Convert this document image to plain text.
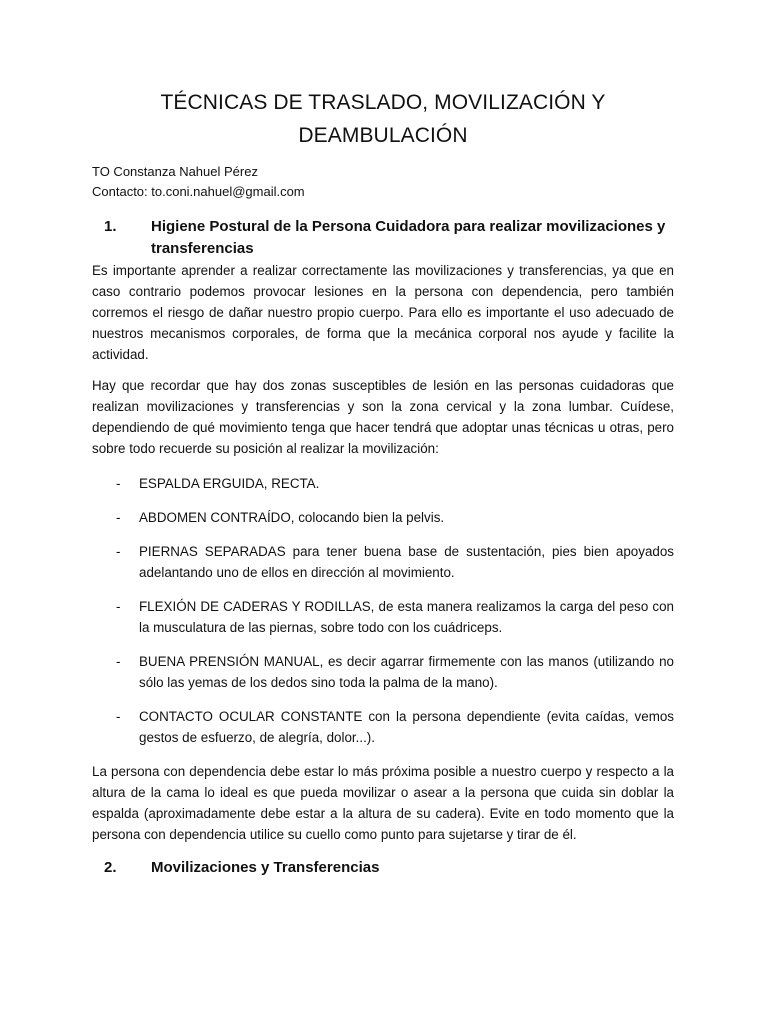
TÉCNICAS DE TRASLADO, MOVILIZACIÓN Y
DEAMBULACIÓN

TO Constanza Nahuel Pérez

Contacto: to.coni.nahuel@gmail.com

1.	Higiene Postural de la Persona Cuidadora para realizar movilizaciones y transferencias

Es importante aprender a realizar correctamente las movilizaciones y transferencias, ya que en caso contrario podemos provocar lesiones en la persona con dependencia, pero también corremos el riesgo de dañar nuestro propio cuerpo. Para ello es importante el uso adecuado de nuestros mecanismos corporales, de forma que la mecánica corporal nos ayude y facilite la actividad.

Hay que recordar que hay dos zonas susceptibles de lesión en las personas cuidadoras que realizan movilizaciones y transferencias y son la zona cervical y la zona lumbar. Cuídese, dependiendo de qué movimiento tenga que hacer tendrá que adoptar unas técnicas u otras, pero sobre todo recuerde su posición al realizar la movilización:

-	ESPALDA ERGUIDA, RECTA.
-	ABDOMEN CONTRAÍDO, colocando bien la pelvis.
-	PIERNAS SEPARADAS para tener buena base de sustentación, pies bien apoyados adelantando uno de ellos en dirección al movimiento.
-	FLEXIÓN DE CADERAS Y RODILLAS, de esta manera realizamos la carga del peso con la musculatura de las piernas, sobre todo con los cuádriceps.
-	BUENA PRENSIÓN MANUAL, es decir agarrar firmemente con las manos (utilizando no sólo las yemas de los dedos sino toda la palma de la mano).
-	CONTACTO OCULAR CONSTANTE con la persona dependiente (evita caídas, vemos gestos de esfuerzo, de alegría, dolor...).

La persona con dependencia debe estar lo más próxima posible a nuestro cuerpo y respecto a la altura de la cama lo ideal es que pueda movilizar o asear a la persona que cuida sin doblar la espalda (aproximadamente debe estar a la altura de su cadera). Evite en todo momento que la persona con dependencia utilice su cuello como punto para sujetarse y tirar de él.

2.	Movilizaciones y Transferencias
